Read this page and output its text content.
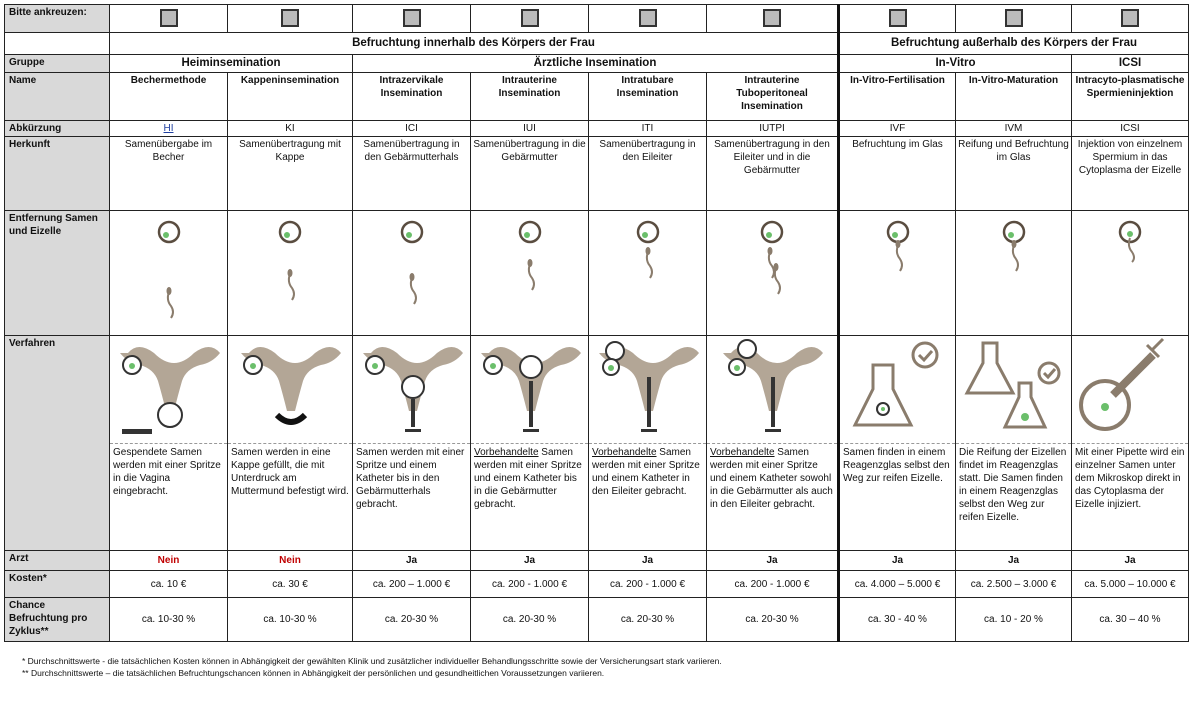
Bitte ankreuzen:									
	Befruchtung innerhalb des Körpers der Frau						Befruchtung außerhalb des Körpers der Frau		
Gruppe	Heiminsemination		Ärztliche Insemination				In-Vitro		ICSI
Name	Bechermethode	Kappeninsemination	Intrazervikale Insemination	Intrauterine Insemination	Intratubare Insemination	Intrauterine Tuboperitoneal Insemination	In-Vitro-Fertilisation	In-Vitro-Maturation	Intracyto-plasmatische Spermieninjektion
Abkürzung	HI	KI	ICI	IUI	ITI	IUTPI	IVF	IVM	ICSI
Herkunft	Samenübergabe im Becher	Samenübertragung mit Kappe	Samenübertragung in den Gebärmutterhals	Samenübertragung in die Gebärmutter	Samenübertragung in den Eileiter	Samenübertragung in den Eileiter und in die Gebärmutter	Befruchtung im Glas	Reifung und Befruchtung im Glas	Injektion von einzelnem Spermium in das Cytoplasma der Eizelle
Entfernung Samen und Eizelle									
Verfahren									
	Gespendete Samen werden mit einer Spritze in die Vagina eingebracht.	Samen werden in eine Kappe gefüllt, die mit Unterdruck am Muttermund befestigt wird.	Samen werden mit einer Spritze und einem Katheter bis in den Gebärmutterhals gebracht.	Vorbehandelte Samen werden mit einer Spritze und einem Katheter bis in die Gebärmutter gebracht.	Vorbehandelte Samen werden mit einer Spritze und einem Katheter in den Eileiter gebracht.	Vorbehandelte Samen werden mit einer Spritze und einem Katheter sowohl in die Gebärmutter als auch in den Eileiter gebracht.	Samen finden in einem Reagenzglas selbst den Weg zur reifen Eizelle.	Die Reifung der Eizellen findet im Reagenzglas statt. Die Samen finden in einem Reagenzglas selbst den Weg zur reifen Eizelle.	Mit einer Pipette wird ein einzelner Samen unter dem Mikroskop direkt in das Cytoplasma der Eizelle injiziert.
Arzt	Nein	Nein	Ja	Ja	Ja	Ja	Ja	Ja	Ja
Kosten*	ca. 10 €	ca. 30 €	ca. 200 – 1.000 €	ca. 200 - 1.000 €	ca. 200 - 1.000 €	ca. 200 - 1.000 €	ca. 4.000 – 5.000 €	ca. 2.500 – 3.000 €	ca. 5.000 – 10.000 €
Chance Befruchtung pro Zyklus**	ca. 10-30 %	ca. 10-30 %	ca. 20-30 %	ca. 20-30 %	ca. 20-30 %	ca. 20-30 %	ca. 30 - 40 %	ca. 10 - 20 %	ca. 30 – 40 %
* Durchschnittswerte - die tatsächlichen Kosten können in Abhängigkeit der gewählten Klinik und zusätzlicher individueller Behandlungsschritte sowie der Versicherungsart stark variieren.
** Durchschnittswerte – die tatsächlichen Befruchtungschancen können in Abhängigkeit der persönlichen und gesundheitlichen Voraussetzungen variieren.
